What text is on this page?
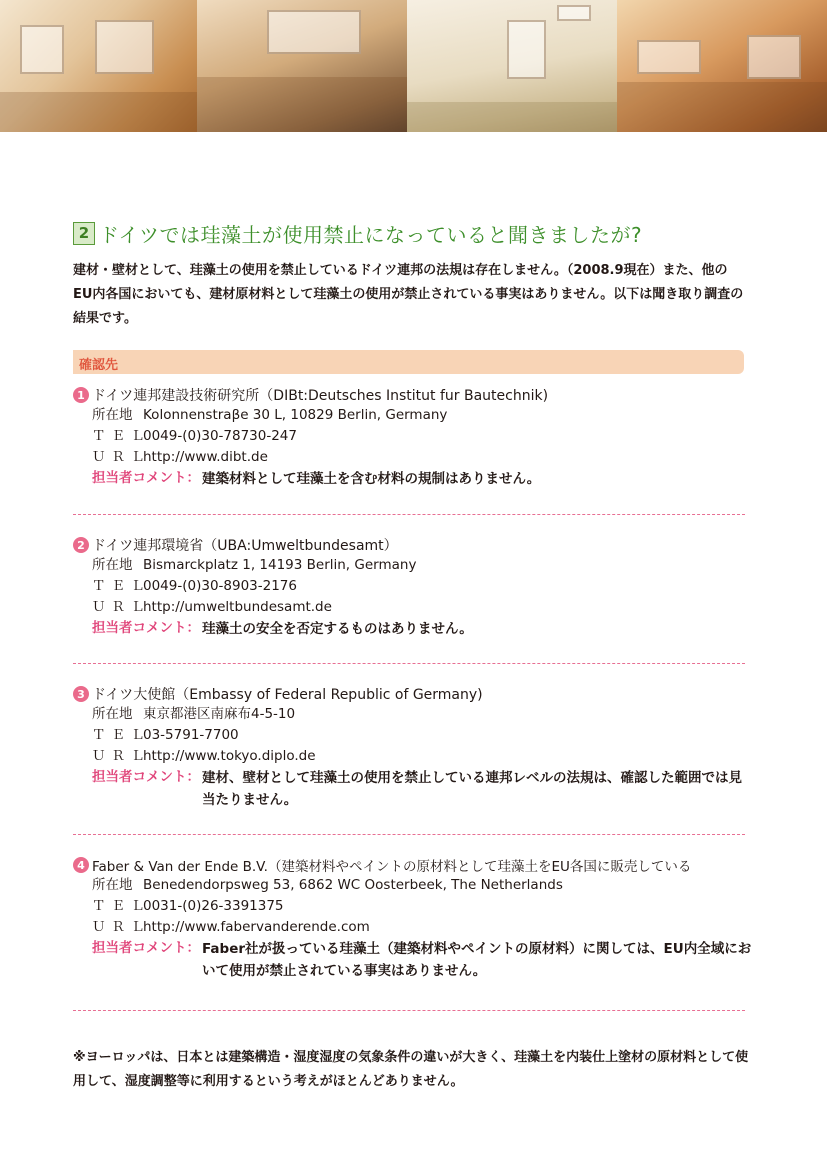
2 ドイツでは珪藻土が使用禁止になっていると聞きましたが?
建材・壁材として、珪藻土の使用を禁止しているドイツ連邦の法規は存在しません。（2008.9現在）また、他のEU内各国においても、建材原材料として珪藻土の使用が禁止されている事実はありません。以下は聞き取り調査の結果です。
確認先
1 ドイツ連邦建設技術研究所（DIBt:Deutsches Institut fur Bautechnik)
所在地 Kolonnenstraβe 30 L, 10829 Berlin, Germany
ＴＥＬ
0049-(0)30-78730-247
ＵＲＬ
http://www.dibt.de
担当者コメント： 建築材料として珪藻土を含む材料の規制はありません。
2 ドイツ連邦環境省（UBA:Umweltbundesamt）
所在地 Bismarckplatz 1, 14193 Berlin, Germany
ＴＥＬ
0049-(0)30-8903-2176
ＵＲＬ
http://umweltbundesamt.de
担当者コメント： 珪藻土の安全を否定するものはありません。
3 ドイツ大使館（Embassy of Federal Republic of Germany)
所在地 東京都港区南麻布4-5-10
ＴＥＬ
03-5791-7700
ＵＲＬ
http://www.tokyo.diplo.de
担当者コメント： 建材、壁材として珪藻土の使用を禁止している連邦レベルの法規は、確認した範囲では見当たりません。
4 Faber & Van der Ende B.V.（建築材料やペイントの原材料として珪藻土をEU各国に販売している
所在地 Benedendorpsweg 53, 6862 WC Oosterbeek, The Netherlands
ＴＥＬ
0031-(0)26-3391375
ＵＲＬ
http://www.fabervanderende.com
担当者コメント： Faber社が扱っている珪藻土（建築材料やペイントの原材料）に関しては、EU内全域において使用が禁止されている事実はありません。
※ヨーロッパは、日本とは建築構造・湿度湿度の気象条件の違いが大きく、珪藻土を内装仕上塗材の原材料として使用して、湿度調整等に利用するという考えがほとんどありません。
